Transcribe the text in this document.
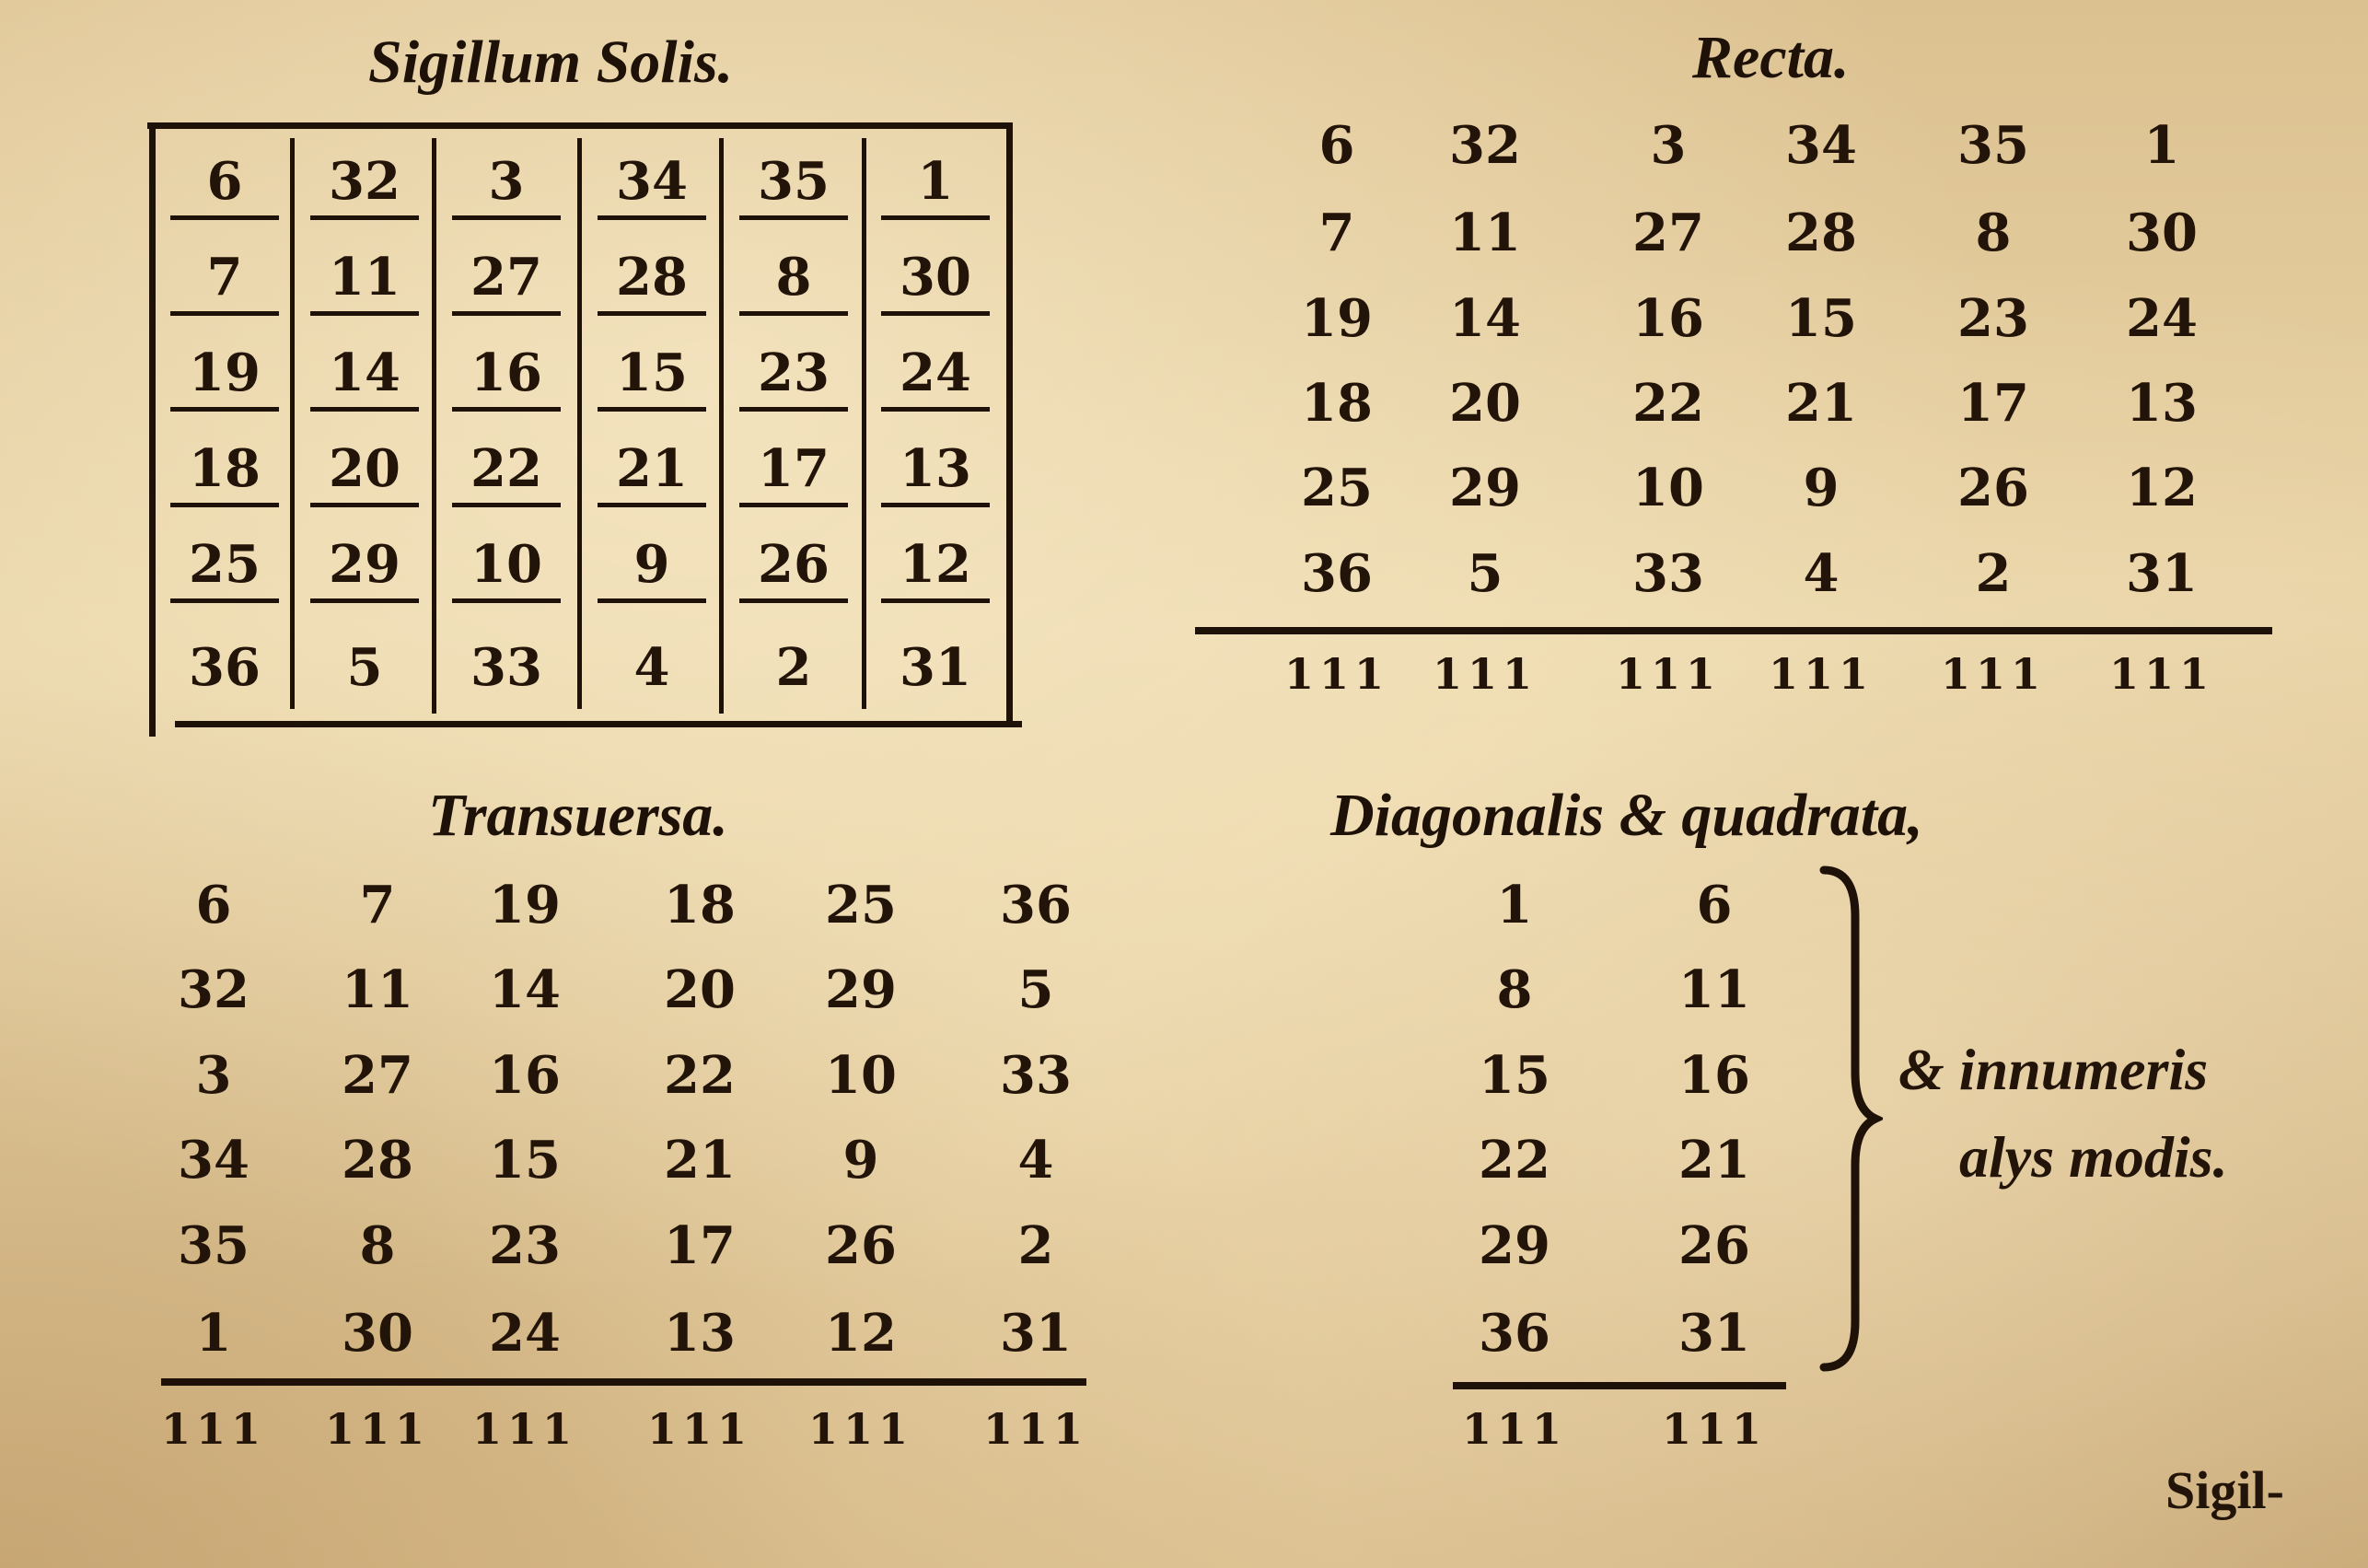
Sigillum Solis.
6	32	3	34	35	1
7	11	27	28	8	30
19	14	16	15	23	24
18	20	22	21	17	13
25	29	10	9	26	12
36	5	33	4	2	31
Recta.
6 32	3 34 35 1
7 11 27 28 8 30
19 14 16 15 23 24
18 20 22 21 17 13
25 29 10 9 26 12
36 5	33 4	2 31
111 111 111 111 111 111
Transuersa.
6 7 19 18 25 36
32 11 14 20 29 5
3 27 16 22 10 33
34 28 15 21 9	4
35 8 23 17 26 2
1 30 24 13 12 31
111 111 111 111 111 111
Diagonalis & quadrata,
1	6
8	11
15 16
22 21
29 26
36 31
111 111
& innumeris
alys modis.
Sigil-
